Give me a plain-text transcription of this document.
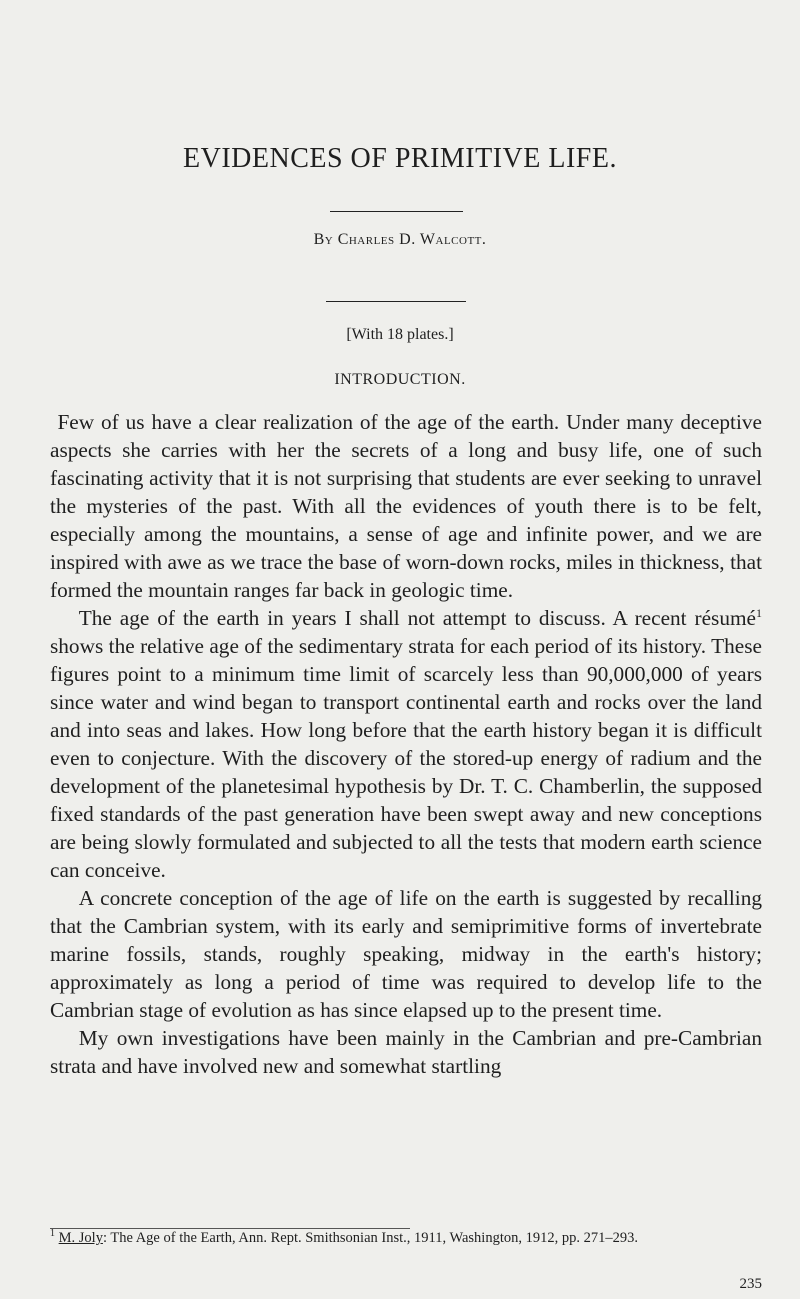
EVIDENCES OF PRIMITIVE LIFE.
By Charles D. Walcott.
[With 18 plates.]
INTRODUCTION.

Few of us have a clear realization of the age of the earth. Under many deceptive aspects she carries with her the secrets of a long and busy life, one of such fascinating activity that it is not surprising that students are ever seeking to unravel the mysteries of the past. With all the evidences of youth there is to be felt, especially among the mountains, a sense of age and infinite power, and we are inspired with awe as we trace the base of worn-down rocks, miles in thickness, that formed the mountain ranges far back in geologic time.

The age of the earth in years I shall not attempt to discuss. A recent résumé$^1$ shows the relative age of the sedimentary strata for each period of its history. These figures point to a minimum time limit of scarcely less than 90,000,000 of years since water and wind began to transport continental earth and rocks over the land and into seas and lakes. How long before that the earth history began it is difficult even to conjecture. With the discovery of the stored-up energy of radium and the development of the planetesimal hypothesis by Dr. T. C. Chamberlin, the supposed fixed standards of the past generation have been swept away and new conceptions are being slowly formulated and subjected to all the tests that modern earth science can conceive.

A concrete conception of the age of life on the earth is suggested by recalling that the Cambrian system, with its early and semiprimitive forms of invertebrate marine fossils, stands, roughly speaking, midway in the earth's history; approximately as long a period of time was required to develop life to the Cambrian stage of evolution as has since elapsed up to the present time.

My own investigations have been mainly in the Cambrian and pre-Cambrian strata and have involved new and somewhat startling

$^1$ M. Joly: The Age of the Earth, Ann. Rept. Smithsonian Inst., 1911, Washington, 1912, pp. 271–293.
235
